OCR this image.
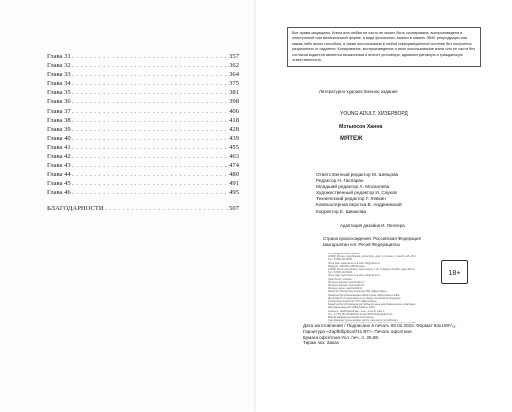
Глава 31 . . .	357
Глава 32 . . .	362
Глава 33 . . .	364
Глава 34 . . .	375
Глава 35 . . .	381
Глава 36 . . .	398
Глава 37 . . .	406
Глава 38 . . .	418
Глава 39 . . .	428
Глава 40 . . .	439
Глава 41 . . .	455
Глава 42 . . .	463
Глава 43 . . .	474
Глава 44 . . .	480
Глава 45 . . .	491
Глава 46 . . .	495
БЛАГОДАРНОСТИ . . .	507
Все права защищены. Книга или любая ее часть не может быть скопирована, воспроизведена в электронной или механической форме, в виде фотокопии, записи в память ЭВМ, репродукции или каким-либо иным способом, а также использована в любой информационной системе без получения разрешения от издателя. Копирование, воспроизведение и иное использование книги или ее части без согласия издателя является незаконным и влечет уголовную, административную и гражданскую ответственность.
Литературно-художественное издание
YOUNG ADULT. ХИЗЕРВОРД
Мэтьюсон Ханна
МЯТЕЖ
Ответственный редактор М. Шевцова
Редактор Н. Гаспарян
Младший редактор А. Москалева
Художественный редактор И. Сауков
Технический редактор Г. Левкин
Компьютерная верстка В. Андриевский
Корректор Е. Шишкова
Адаптация дизайна И. Пеплера
Страна происхождения: Российская Федерация
Шығарылған елі: Ресей Федерациясы
ООО «Издательство «Эксмо»
123308, Россия, город Москва, улица Зорге, дом 1, строение 1, этаж 20, каб. 2013.
Тел.: 8 (495) 411-68-86.
Home page: www.eksmo.ru E-mail: info@eksmo.ru
Өндіруші: «ЭКСМО» АҚБ Баспасы,
123308, Ресей, қала Мәскеу, Зорге көшесі, 1 үй, 1 ғимарат, 20 қабат, офис 2013 ж.
Тел.: 8 (495) 411-68-86.
Home page: www.eksmo.ru E-mail: info@eksmo.ru.
Тауар белгісі: «Эксмо»
Интернет-магазин: www.book24.ru
Интернет-магазин: www.book24.kz
Интернет-дүкен: www.book24.kz
Импортёр в Республику Казахстан ТОО «РДЦ-Алматы».
Қазақстан Республикасындағы импорттаушы «РДЦ-Алматы» ЖШС.
Дистрибьютор и представитель по приему претензий на продукцию,
в Республике Казахстан: ТОО «РДЦ-Алматы»
Қазақстан Республикасында дистрибьютор және өнім бойынша арыз-талаптарды
қабылдаушының өкілі «РДЦ-Алматы» ЖШС,
Алматы қ., Домбровский көш., 3«а», литер Б, офис 1.
Тел.: 8 (727) 251-59-90/91/92; E-mail: RDC-Almaty@eksmo.kz
Өнімнің жарамдылық мерзімі шектелмеген.
Сертификация туралы ақпарат сайтта: www.eksmo.ru/certification
18+
Дата изготовления / Подписано в печать 08.02.2023. Формат 84x108¹/₃₂.
Гарнитура «ZapfElliptical711 BT». Печать офсетная.
Бумага офсетная.Усл. печ. л. 26,88.
Тираж экз. Заказ
